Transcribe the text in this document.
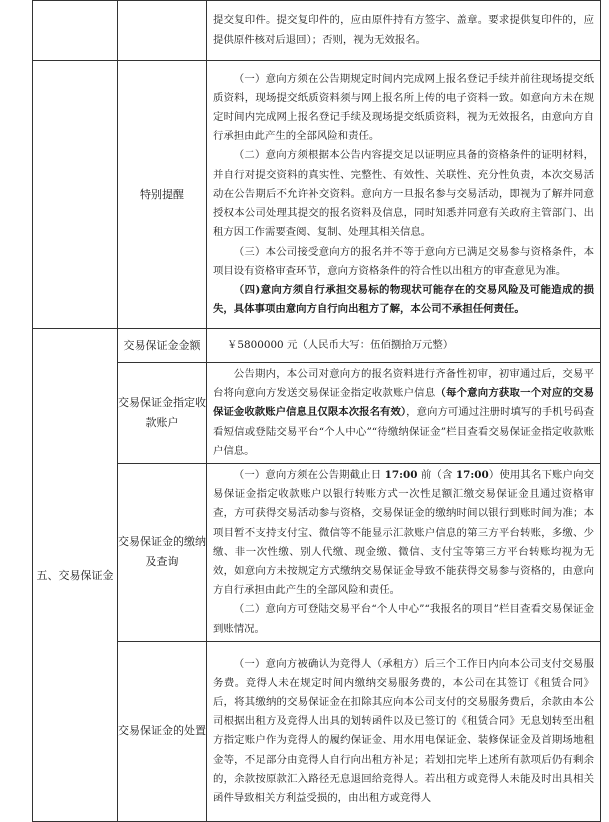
		提交复印件。提交复印件的，应由原件持有方签字、盖章。要求提供复印件的，应提供原件核对后退回）；否则，视为无效报名。

	特别提醒	（一）意向方须在公告期规定时间内完成网上报名登记手续并前往现场提交纸质资料，现场提交纸质资料须与网上报名所上传的电子资料一致。如意向方未在规定时间内完成网上报名登记手续及现场提交纸质资料，视为无效报名，由意向方自行承担由此产生的全部风险和责任。

（二）意向方须根据本公告内容提交足以证明应具备的资格条件的证明材料，并自行对提交资料的真实性、完整性、有效性、关联性、充分性负责，本次交易活动在公告期后不允许补交资料。意向方一旦报名参与交易活动，即视为了解并同意授权本公司处理其提交的报名资料及信息，同时知悉并同意有关政府主管部门、出租方因工作需要查阅、复制、处理其相关信息。

（三）本公司接受意向方的报名并不等于意向方已满足交易参与资格条件，本项目设有资格审查环节，意向方资格条件的符合性以出租方的审查意见为准。

（四)意向方须自行承担交易标的物现状可能存在的交易风险及可能造成的损失，具体事项由意向方自行向出租方了解，本公司不承担任何责任。

五、交易保证金	交易保证金金额	￥5800000 元（人民币大写：伍佰捌拾万元整）

	交易保证金指定收款账户	公告期内，本公司对意向方的报名资料进行齐备性初审，初审通过后，交易平台将向意向方发送交易保证金指定收款账户信息（每个意向方获取一个对应的交易保证金收款账户信息且仅限本次报名有效），意向方可通过注册时填写的手机号码查看短信或登陆交易平台“个人中心”“待缴纳保证金”栏目查看交易保证金指定收款账户信息。

	交易保证金的缴纳及查询	（一）意向方须在公告期截止日 17:00 前（含 17:00）使用其名下账户向交易保证金指定收款账户以银行转账方式一次性足额汇缴交易保证金且通过资格审查，方可获得交易活动参与资格，交易保证金的缴纳时间以银行到账时间为准；本项目暂不支持支付宝、微信等不能显示汇款账户信息的第三方平台转账，多缴、少缴、非一次性缴、别人代缴、现金缴、微信、支付宝等第三方平台转账均视为无效，如意向方未按规定方式缴纳交易保证金导致不能获得交易参与资格的，由意向方自行承担由此产生的全部风险和责任。

（二）意向方可登陆交易平台“个人中心”“我报名的项目”栏目查看交易保证金到账情况。

	交易保证金的处置	（一）意向方被确认为竞得人（承租方）后三个工作日内向本公司支付交易服务费。竞得人未在规定时间内缴纳交易服务费的，本公司在其签订《租赁合同》后，将其缴纳的交易保证金在扣除其应向本公司支付的交易服务费后，余款由本公司根据出租方及竞得人出具的划转函件以及已签订的《租赁合同》无息划转至出租方指定账户作为竞得人的履约保证金、用水用电保证金、装修保证金及首期场地租金等，不足部分由竞得人自行向出租方补足；若划扣完毕上述所有款项后仍有剩余的，余款按原款汇入路径无息退回给竞得人。若出租方或竞得人未能及时出具相关函件导致相关方利益受损的，由出租方或竞得人
